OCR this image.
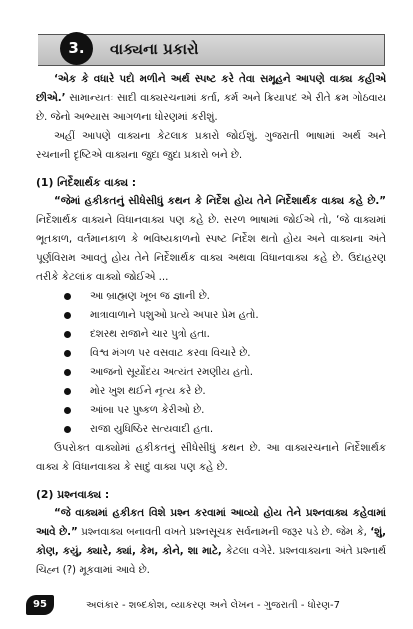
3.	વાક્યના પ્રકારો

‘એક કે વધારે પદો મળીને અર્થ સ્પષ્ટ કરે તેવા સમૂહને આપણે વાક્ય કહીએ છીએ.’ સામાન્યતઃ સાદી વાક્યરચનામાં કર્તા, કર્મ અને ક્રિયાપદ એ રીતે ક્રમ ગોઠવાય છે. જેનો અભ્યાસ આગળના ધોરણમાં કરીશું.

અહીં આપણે વાક્યના કેટલાક પ્રકારો જોઈશું. ગુજરાતી ભાષામાં અર્થ અને રચનાની દૃષ્ટિએ વાક્યના જુદા જુદા પ્રકારો બને છે.

(1) નિર્દેશાર્થક વાક્ય :

“જેમાં હકીકતનું સીધેસીધું કથન કે નિર્દેશ હોય તેને નિર્દેશાર્થક વાક્ય કહે છે.” નિર્દેશાર્થક વાક્યને વિધાનવાક્ય પણ કહે છે. સરળ ભાષામાં જોઈએ તો, ‘જે વાક્યમાં ભૂતકાળ, વર્તમાનકાળ કે ભવિષ્યકાળનો સ્પષ્ટ નિર્દેશ થતો હોય અને વાક્યના અંતે પૂર્ણવિરામ આવતું હોય તેને નિર્દેશાર્થક વાક્ય અથવા વિધાનવાક્ય કહે છે. ઉદાહરણ તરીકે કેટલાંક વાક્યો જોઈએ ...

આ બ્રાહ્મણ ખૂબ જ જ્ઞાની છે.
માત્રાવાળાને પશુઓ પ્રત્યે અપાર પ્રેમ હતો.
દશરથ રાજાને ચાર પુત્રો હતા.
વિશ્વ મંગળ પર વસવાટ કરવા વિચારે છે.
આજનો સૂર્યોદય અત્યંત રમણીય હતો.
મોર ખુશ થઈને નૃત્ય કરે છે.
આંબા પર પુષ્કળ કેરીઓ છે.
રાજા યુધિષ્ઠિર સત્યવાદી હતા.

ઉપરોક્ત વાક્યોમાં હકીકતનું સીધેસીધું કથન છે. આ વાક્યરચનાને નિર્દેશાર્થક વાક્ય કે વિધાનવાક્ય કે સાદું વાક્ય પણ કહે છે.

(2) પ્રશ્નવાક્ય :

“જે વાક્યમાં હકીકત વિશે પ્રશ્ન કરવામાં આવ્યો હોય તેને પ્રશ્નવાક્ય કહેવામાં આવે છે.” પ્રશ્નવાક્ય બનાવતી વખતે પ્રશ્નસૂચક સર્વનામની જરૂર પડે છે. જેમ કે, ‘શું, કોણ, કયું, ક્યારે, ક્યાં, કેમ, કોને, શા માટે, કેટલા વગેરે. પ્રશ્નવાક્યના અંતે પ્રશ્નાર્થ ચિહ્ન (?) મૂકવામાં આવે છે.

95	અલંકાર - શબ્દકોશ, વ્યાકરણ અને લેખન - ગુજરાતી - ધોરણ-7
